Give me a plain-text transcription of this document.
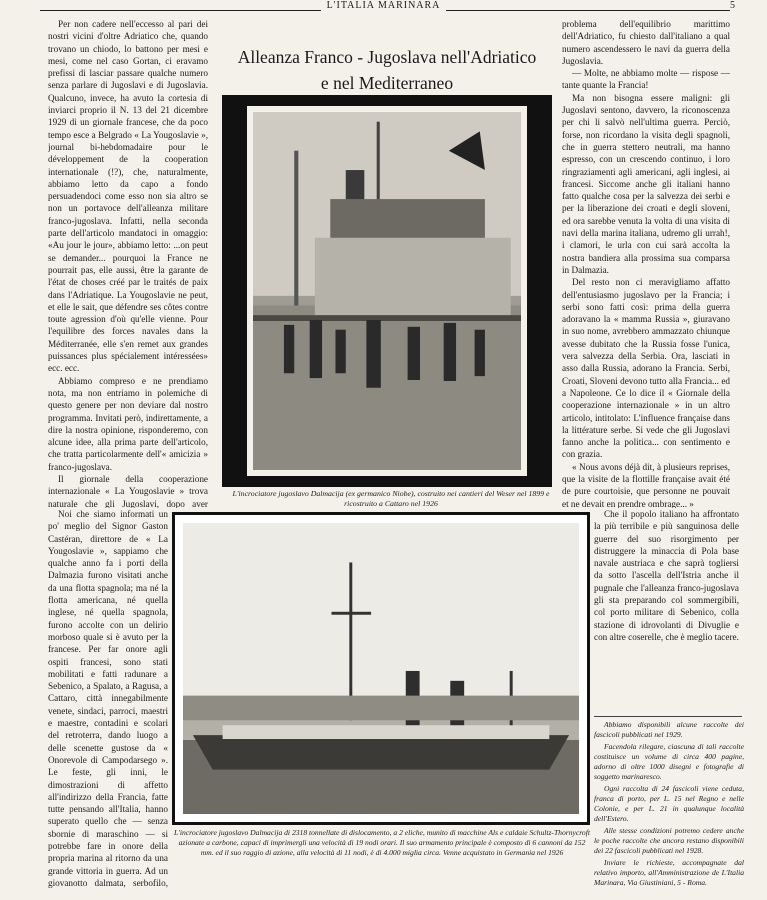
L'ITALIA MARINARA	5

Per non cadere nell'eccesso al pari dei nostri vicini d'oltre Adriatico che, quando trovano un chiodo, lo battono per mesi e mesi, come nel caso Gortan, ci eravamo prefissi di lasciar passare qualche numero senza parlare di Jugoslavi e di Jugoslavia. Qualcuno, invece, ha avuto la cortesia di inviarci proprio il N. 13 del 21 dicembre 1929 di un giornale francese, che da poco tempo esce a Belgrado « La Yougoslavie », journal bi-hebdomadaire pour le développement de la cooperation internationale (!?), che, naturalmente, abbiamo letto da capo a fondo persuadendoci come esso non sia altro se non un portavoce dell'alleanza militare franco-jugoslava. Infatti, nella seconda parte dell'articolo mandatoci in omaggio: «Au jour le jour», abbiamo letto: ...on peut se demander... pourquoi la France ne pourrait pas, elle aussi, être la garante de l'état de choses créé par le traités de paix dans l'Adriatique. La Yougoslavie ne peut, et elle le sait, que défendre ses côtes contre toute agression d'où qu'elle vienne. Pour l'equilibre des forces navales dans la Méditerranée, elle s'en remet aux grandes puissances plus spécialement intéressées» ecc. ecc.

Abbiamo compreso e ne prendiamo nota, ma non entriamo in polemiche di questo genere per non deviare dal nostro programma. Invitati però, indirettamente, a dire la nostra opinione, risponderemo, con alcune idee, alla prima parte dell'articolo, che tratta particolarmente dell'« amicizia » franco-jugoslava.

Il giornale della cooperazione internazionale « La Yougoslavie » trova naturale che gli Jugoslavi, dopo aver

Noi che siamo informati un po' meglio del Signor Gaston Castéran, direttore de « La Yougoslavie », sappiamo che qualche anno fa i porti della Dalmazia furono visitati anche da una flotta spagnola; ma né la flotta americana, né quella inglese, né quella spagnola, furono accolte con un delirio morboso quale si è avuto per la francese. Per far onore agli ospiti francesi, sono stati mobilitati e fatti radunare a Sebenico, a Spalato, a Ragusa, a Cattaro, città innegabilmente venete, sindaci, parroci, maestri e maestre, contadini e scolari del retroterra, dando luogo a delle scenette gustose da « Onorevole di Campodarsego ». Le feste, gli inni, le dimostrazioni di affetto all'indirizzo della Francia, fatte tutte pensando all'Italia, hanno superato quello che — senza sbornie di maraschino — si potrebbe fare in onore della propria marina al ritorno da una grande vittoria in guerra. Ad un giovanotto dalmata, serbofilo,

Alleanza Franco - Jugoslava nell'Adriatico
e nel Mediterraneo
L'incrociatore jugoslavo Dalmacija (ex germanico Niobe), costruito nei cantieri del Weser nel 1899 e ricostruito a Cattaro nel 1926

problema dell'equilibrio marittimo dell'Adriatico, fu chiesto dall'italiano a qual numero ascendessero le navi da guerra della Jugoslavia.

— Molte, ne abbiamo molte — rispose — tante quante la Francia!

Ma non bisogna essere maligni: gli Jugoslavi sentono, davvero, la riconoscenza per chi li salvò nell'ultima guerra. Perciò, forse, non ricordano la visita degli spagnoli, che in guerra stettero neutrali, ma hanno espresso, con un crescendo continuo, i loro ringraziamenti agli americani, agli inglesi, ai francesi. Siccome anche gli italiani hanno fatto qualche cosa per la salvezza dei serbi e per la liberazione dei croati e degli sloveni, ed ora sarebbe venuta la volta di una visita di navi della marina italiana, udremo gli urrah!, i clamori, le urla con cui sarà accolta la nostra bandiera alla prossima sua comparsa in Dalmazia.

Del resto non ci meravigliamo affatto dell'entusiasmo jugoslavo per la Francia; i serbi sono fatti così: prima della guerra adoravano la « mamma Russia », giuravano in suo nome, avrebbero ammazzato chiunque avesse dubitato che la Russia fosse l'unica, vera salvezza della Serbia. Ora, lasciati in asso dalla Russia, adorano la Francia. Serbi, Croati, Sloveni devono tutto alla Francia... ed a Napoleone. Ce lo dice il « Giornale della cooperazione internazionale » in un altro articolo, intitolato: L'influence française dans la littérature serbe. Si vede che gli Jugoslavi fanno anche la politica... con sentimento e con grazia.

« Nous avons déjà dit, à plusieurs reprises, que la visite de la flottille française avait été de pure courtoisie, que personne ne pouvait et ne devait en prendre ombrage... »

L'incrociatore jugoslavo Dalmacija di 2318 tonnellate di dislocamento, a 2 eliche, munito di macchine Als e caldaie Schultz-Thornycroft azionate a carbone, capaci di imprimergli una velocità di 19 nodi orari. Il suo armamento principale è composto di 6 cannoni da 152 mm. ed il suo raggio di azione, alla velocità di 11 nodi, è di 4.000 miglia circa. Venne acquistato in Germania nel 1926

Che il popolo italiano ha affrontato la più terribile e più sanguinosa delle guerre del suo risorgimento per distruggere la minaccia di Pola base navale austriaca e che saprà togliersi da sotto l'ascella dell'Istria anche il pugnale che l'alleanza franco-jugoslava gli sta preparando col sommergibili, col porto militare di Sebenico, colla stazione di idrovolanti di Divuglie e con altre coserelle, che è meglio tacere.

Abbiamo disponibili alcune raccolte dei fascicoli pubblicati nel 1929.

Facendola rilegare, ciascuna di tali raccolte costituisce un volume di circa 400 pagine, adorno di oltre 1000 disegni e fotografie di soggetto marinaresco.

Ogni raccolta di 24 fascicoli viene ceduta, franca di porto, per L. 15 nel Regno e nelle Colonie, e per L. 21 in qualunque località dell'Estero.

Alle stesse condizioni potremo cedere anche le poche raccolte che ancora restano disponibili dei 22 fascicoli pubblicati nel 1928.

Inviare le richieste, accompagnate dal relativo importo, all'Amministrazione de L'Italia Marinara, Via Giustiniani, 5 - Roma.
